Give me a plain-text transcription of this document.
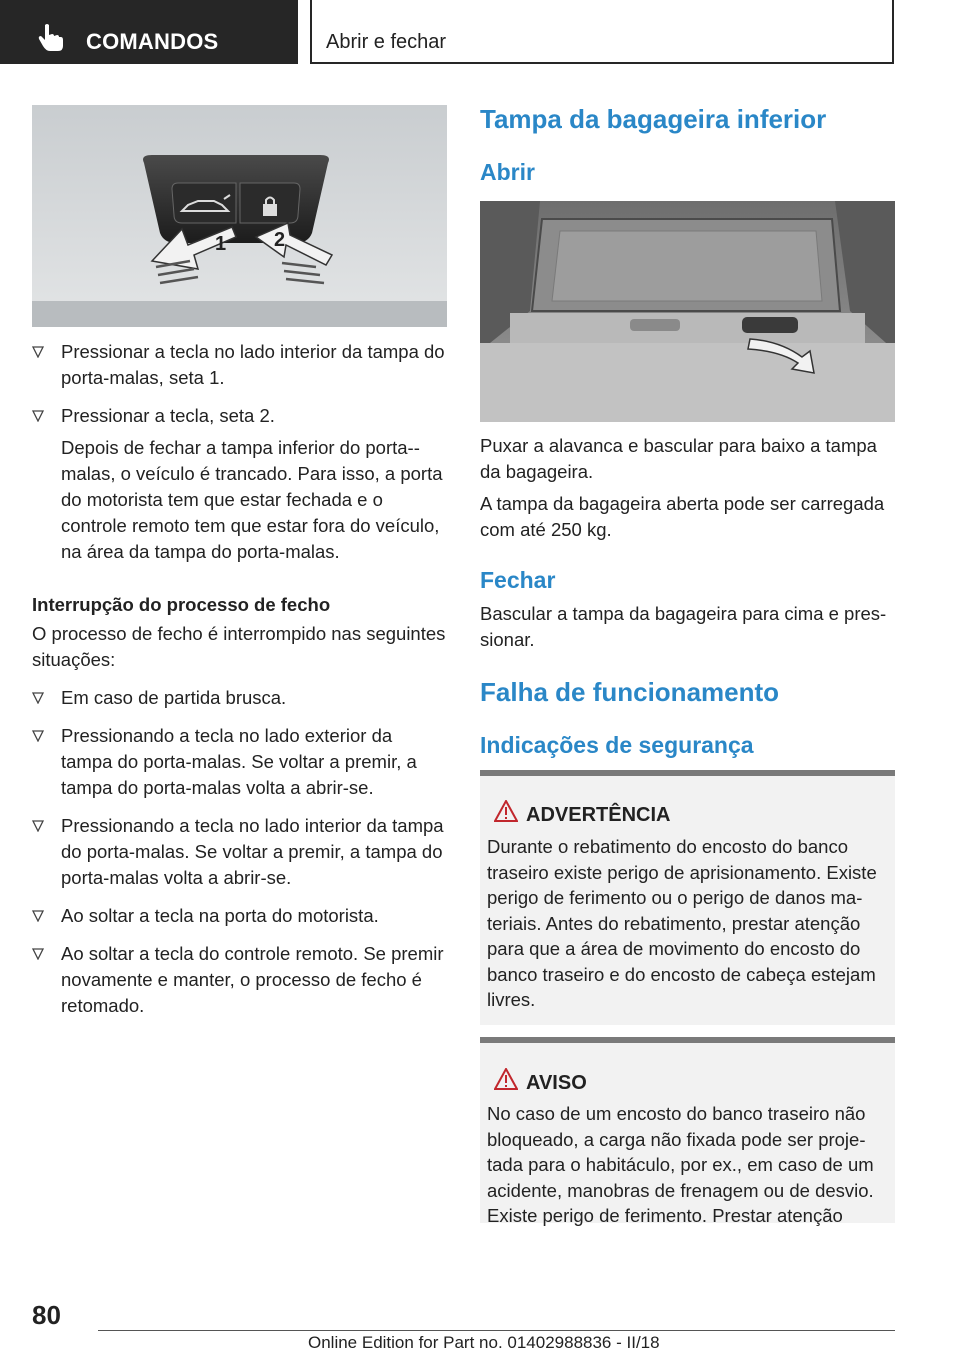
COMANDOS	Abrir e fechar
1 2
Pressionar a tecla no lado interior da tampa do porta-malas, seta 1.
Pressionar a tecla, seta 2.

Depois de fechar a tampa inferior do porta--malas, o veículo é trancado. Para isso, a porta do motorista tem que estar fechada e o controle remoto tem que estar fora do veículo, na área da tampa do porta-malas.

Interrupção do processo de fecho

O processo de fecho é interrompido nas seguintes situações:

Em caso de partida brusca.
Pressionando a tecla no lado exterior da tampa do porta-malas. Se voltar a premir, a tampa do porta-malas volta a abrir-se.
Pressionando a tecla no lado interior da tampa do porta-malas. Se voltar a premir, a tampa do porta-malas volta a abrir-se.
Ao soltar a tecla na porta do motorista.
Ao soltar a tecla do controle remoto. Se premir novamente e manter, o processo de fecho é retomado.

Tampa da bagageira inferior

Abrir

Puxar a alavanca e bascular para baixo a tampa da bagageira.

A tampa da bagageira aberta pode ser carregada com até 250 kg.

Fechar

Bascular a tampa da bagageira para cima e pressionar.

Falha de funcionamento

Indicações de segurança

ADVERTÊNCIA
Durante o rebatimento do encosto do banco traseiro existe perigo de aprisionamento. Existe perigo de ferimento ou o perigo de danos materiais. Antes do rebatimento, prestar atenção para que a área de movimento do encosto do banco traseiro e do encosto de cabeça estejam livres.
AVISO
No caso de um encosto do banco traseiro não bloqueado, a carga não fixada pode ser projetada para o habitáculo, por ex., em caso de um acidente, manobras de frenagem ou de desvio. Existe perigo de ferimento. Prestar atenção
80
Online Edition for Part no. 01402988836 - II/18
